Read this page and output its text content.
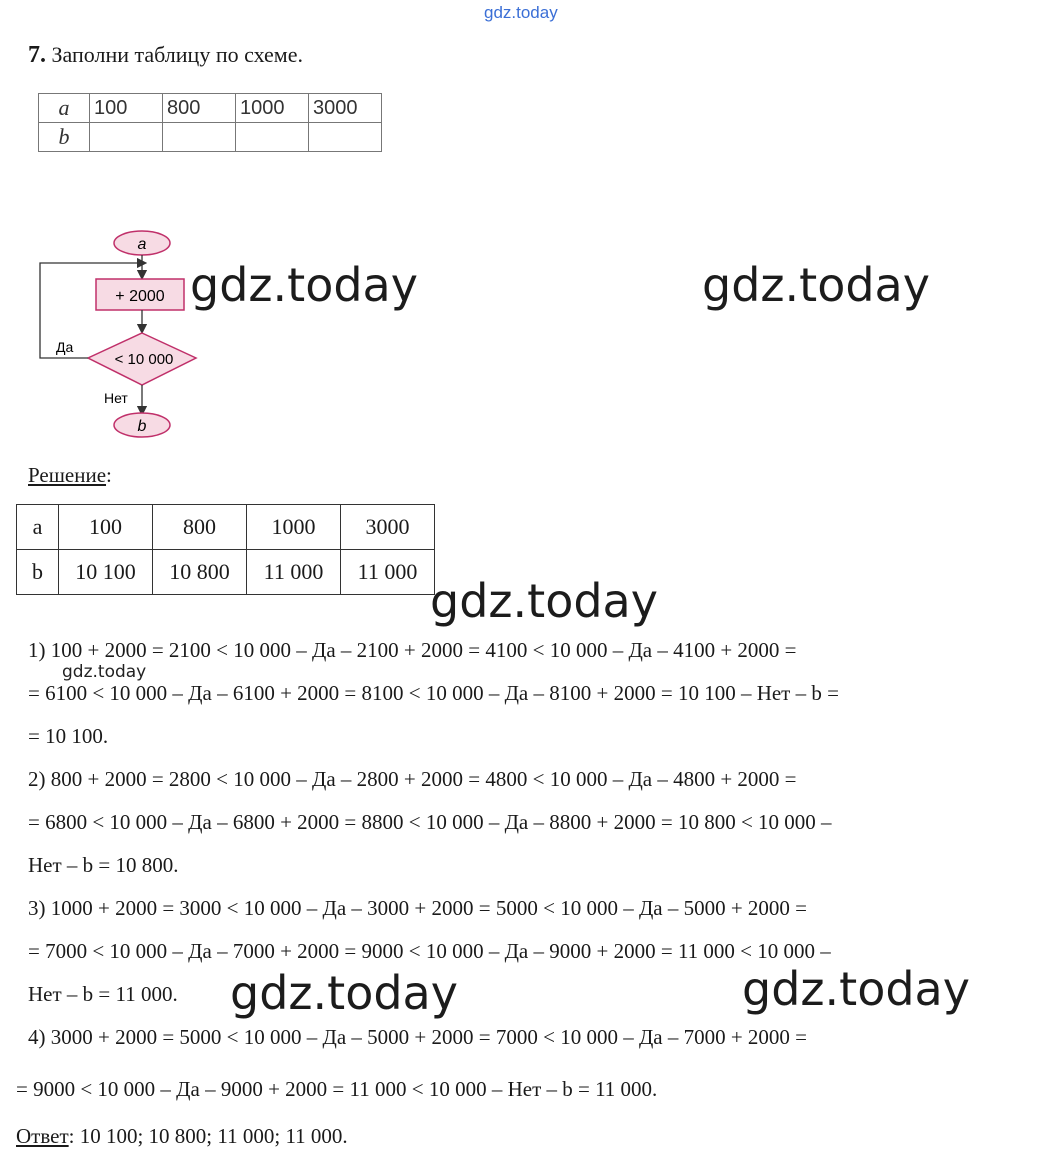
gdz.today
7. Заполни таблицу по схеме.
a	100	800	1000	3000
b				
a
+ 2000
< 10 000
Да
Нет
b
gdz.today	gdz.today
gdz.today
gdz.today	gdz.today
gdz.today
Решение:
a	100	800	1000	3000
b	10 100	10 800	11 000	11 000
1) 100 + 2000 = 2100 < 10 000 – Да – 2100 + 2000 = 4100 < 10 000 – Да – 4100 + 2000 =
= 6100 < 10 000 – Да – 6100 + 2000 = 8100 < 10 000 – Да – 8100 + 2000 = 10 100 – Нет – b =
= 10 100.
2) 800 + 2000 = 2800 < 10 000 – Да – 2800 + 2000 = 4800 < 10 000 – Да – 4800 + 2000 =
= 6800 < 10 000 – Да – 6800 + 2000 = 8800 < 10 000 – Да – 8800 + 2000 = 10 800 < 10 000 –
Нет – b = 10 800.
3) 1000 + 2000 = 3000 < 10 000 – Да – 3000 + 2000 = 5000 < 10 000 – Да – 5000 + 2000 =
= 7000 < 10 000 – Да – 7000 + 2000 = 9000 < 10 000 – Да – 9000 + 2000 = 11 000 < 10 000 –
Нет – b = 11 000.
4) 3000 + 2000 = 5000 < 10 000 – Да – 5000 + 2000 = 7000 < 10 000 – Да – 7000 + 2000 =
= 9000 < 10 000 – Да – 9000 + 2000 = 11 000 < 10 000 – Нет – b = 11 000.
Ответ: 10 100; 10 800; 11 000; 11 000.
